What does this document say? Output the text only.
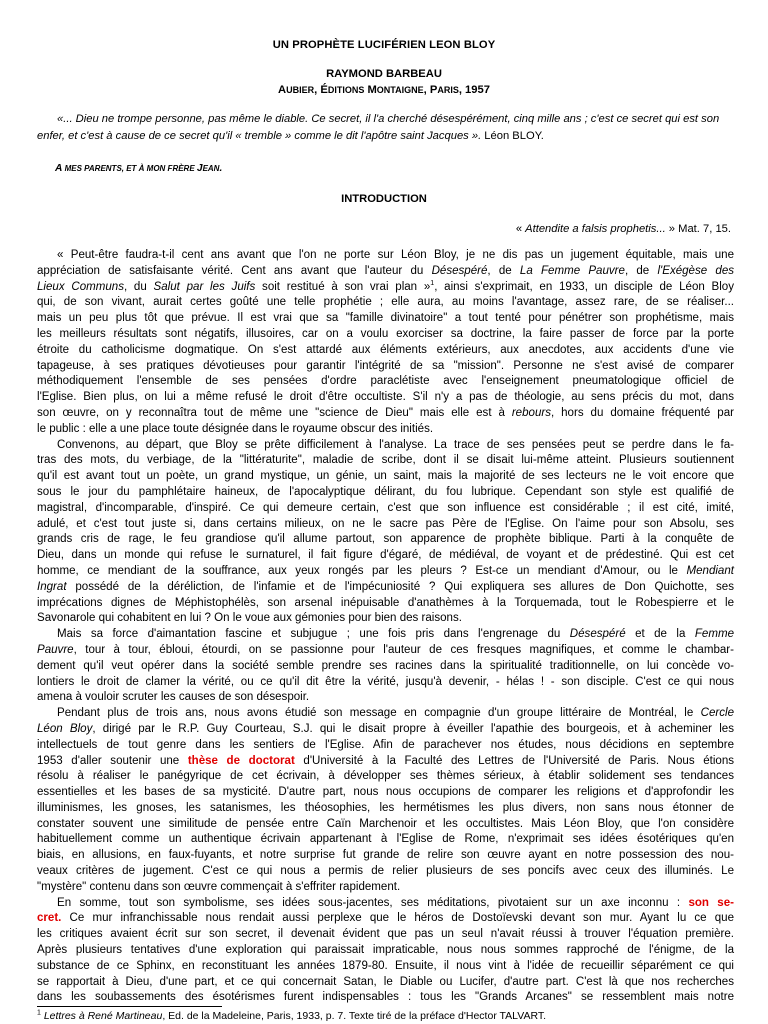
UN PROPHÈTE LUCIFÉRIEN LEON BLOY

RAYMOND BARBEAU

AUBIER, ÉDITIONS MONTAIGNE, PARIS, 1957

«... Dieu ne trompe personne, pas même le diable. Ce secret, il l'a cherché désespérément, cinq mille ans ; c'est ce secret qui est son enfer, et c'est à cause de ce secret qu'il « tremble » comme le dit l'apôtre saint Jacques ». Léon BLOY.

A MES PARENTS, ET À MON FRÈRE JEAN.

INTRODUCTION

« Attendite a falsis prophetis... » Mat. 7, 15.

« Peut-être faudra-t-il cent ans avant que l'on ne porte sur Léon Bloy, je ne dis pas un jugement équitable, mais une

appréciation de satisfaisante vérité. Cent ans avant que l'auteur du Désespéré, de La Femme Pauvre, de l'Exégèse des

Lieux Communs, du Salut par les Juifs soit restitué à son vrai plan »$^1$, ainsi s'exprimait, en 1933, un disciple de Léon Bloy

qui, de son vivant, aurait certes goûté une telle prophétie ; elle aura, au moins l'avantage, assez rare, de se réaliser...

mais un peu plus tôt que prévue. Il est vrai que sa "famille divinatoire" a tout tenté pour pénétrer son prophétisme, mais

les meilleurs résultats sont négatifs, illusoires, car on a voulu exorciser sa doctrine, la faire passer de force par la porte

étroite du catholicisme dogmatique. On s'est attardé aux éléments extérieurs, aux anecdotes, aux accidents d'une vie

tapageuse, à ses pratiques dévotieuses pour garantir l'intégrité de sa "mission". Personne ne s'est avisé de comparer

méthodiquement l'ensemble de ses pensées d'ordre paraclétiste avec l'enseignement pneumatologique officiel de

l'Eglise. Bien plus, on lui a même refusé le droit d'être occultiste. S'il n'y a pas de théologie, au sens précis du mot, dans

son œuvre, on y reconnaîtra tout de même une "science de Dieu" mais elle est à rebours, hors du domaine fréquenté par

le public : elle a une place toute désignée dans le royaume obscur des initiés.

Convenons, au départ, que Bloy se prête difficilement à l'analyse. La trace de ses pensées peut se perdre dans le fa-

tras des mots, du verbiage, de la "littératurite", maladie de scribe, dont il se disait lui-même atteint. Plusieurs soutiennent

qu'il est avant tout un poète, un grand mystique, un génie, un saint, mais la majorité de ses lecteurs ne le voit encore que

sous le jour du pamphlétaire haineux, de l'apocalyptique délirant, du fou lubrique. Cependant son style est qualifié de

magistral, d'incomparable, d'inspiré. Ce qui demeure certain, c'est que son influence est considérable ; il est cité, imité,

adulé, et c'est tout juste si, dans certains milieux, on ne le sacre pas Père de l'Eglise. On l'aime pour son Absolu, ses

grands cris de rage, le feu grandiose qu'il allume partout, son apparence de prophète biblique. Parti à la conquête de

Dieu, dans un monde qui refuse le surnaturel, il fait figure d'égaré, de médiéval, de voyant et de prédestiné. Qui est cet

homme, ce mendiant de la souffrance, aux yeux rongés par les pleurs ? Est-ce un mendiant d'Amour, ou le Mendiant

Ingrat possédé de la déréliction, de l'infamie et de l'impécuniosité ? Qui expliquera ses allures de Don Quichotte, ses

imprécations dignes de Méphistophélès, son arsenal inépuisable d'anathèmes à la Torquemada, tout le Robespierre et le

Savonarole qui cohabitent en lui ? On le voue aux gémonies pour bien des raisons.

Mais sa force d'aimantation fascine et subjugue ; une fois pris dans l'engrenage du Désespéré et de la Femme

Pauvre, tour à tour, ébloui, étourdi, on se passionne pour l'auteur de ces fresques magnifiques, et comme le chambar-

dement qu'il veut opérer dans la société semble prendre ses racines dans la spiritualité traditionnelle, on lui concède vo-

lontiers le droit de clamer la vérité, ou ce qu'il dit être la vérité, jusqu'à devenir, - hélas ! - son disciple. C'est ce qui nous

amena à vouloir scruter les causes de son désespoir.

Pendant plus de trois ans, nous avons étudié son message en compagnie d'un groupe littéraire de Montréal, le Cercle

Léon Bloy, dirigé par le R.P. Guy Courteau, S.J. qui le disait propre à éveiller l'apathie des bourgeois, et à acheminer les

intellectuels de tout genre dans les sentiers de l'Eglise. Afin de parachever nos études, nous décidions en septembre

1953 d'aller soutenir une thèse de doctorat d'Université à la Faculté des Lettres de l'Université de Paris. Nous étions

résolu à réaliser le panégyrique de cet écrivain, à développer ses thèmes sérieux, à établir solidement ses tendances

essentielles et les bases de sa mysticité. D'autre part, nous nous occupions de comparer les religions et d'approfondir les

illuminismes, les gnoses, les satanismes, les théosophies, les hermétismes les plus divers, non sans nous étonner de

constater souvent une similitude de pensée entre Caïn Marchenoir et les occultistes. Mais Léon Bloy, que l'on considère

habituellement comme un authentique écrivain appartenant à l'Eglise de Rome, n'exprimait ses idées ésotériques qu'en

biais, en allusions, en faux-fuyants, et notre surprise fut grande de relire son œuvre ayant en notre possession des nou-

veaux critères de jugement. C'est ce qui nous a permis de relier plusieurs de ses poncifs avec ceux des illuminés. Le

"mystère" contenu dans son œuvre commençait à s'effriter rapidement.

En somme, tout son symbolisme, ses idées sous-jacentes, ses méditations, pivotaient sur un axe inconnu : son se-

cret. Ce mur infranchissable nous rendait aussi perplexe que le héros de Dostoïevski devant son mur. Ayant lu ce que

les critiques avaient écrit sur son secret, il devenait évident que pas un seul n'avait réussi à trouver l'équation première.

Après plusieurs tentatives d'une exploration qui paraissait impraticable, nous nous sommes rapproché de l'énigme, de la

substance de ce Sphinx, en reconstituant les années 1879-80. Ensuite, il nous vint à l'idée de recueillir séparément ce qui

se rapportait à Dieu, d'une part, et ce qui concernait Satan, le Diable ou Lucifer, d'autre part. C'est là que nos recherches

dans les soubassements des ésotérismes furent indispensables : tous les "Grands Arcanes" se ressemblent mais notre

$^1$ Lettres à René Martineau, Ed. de la Madeleine, Paris, 1933, p. 7. Texte tiré de la préface d'Hector TALVART.
